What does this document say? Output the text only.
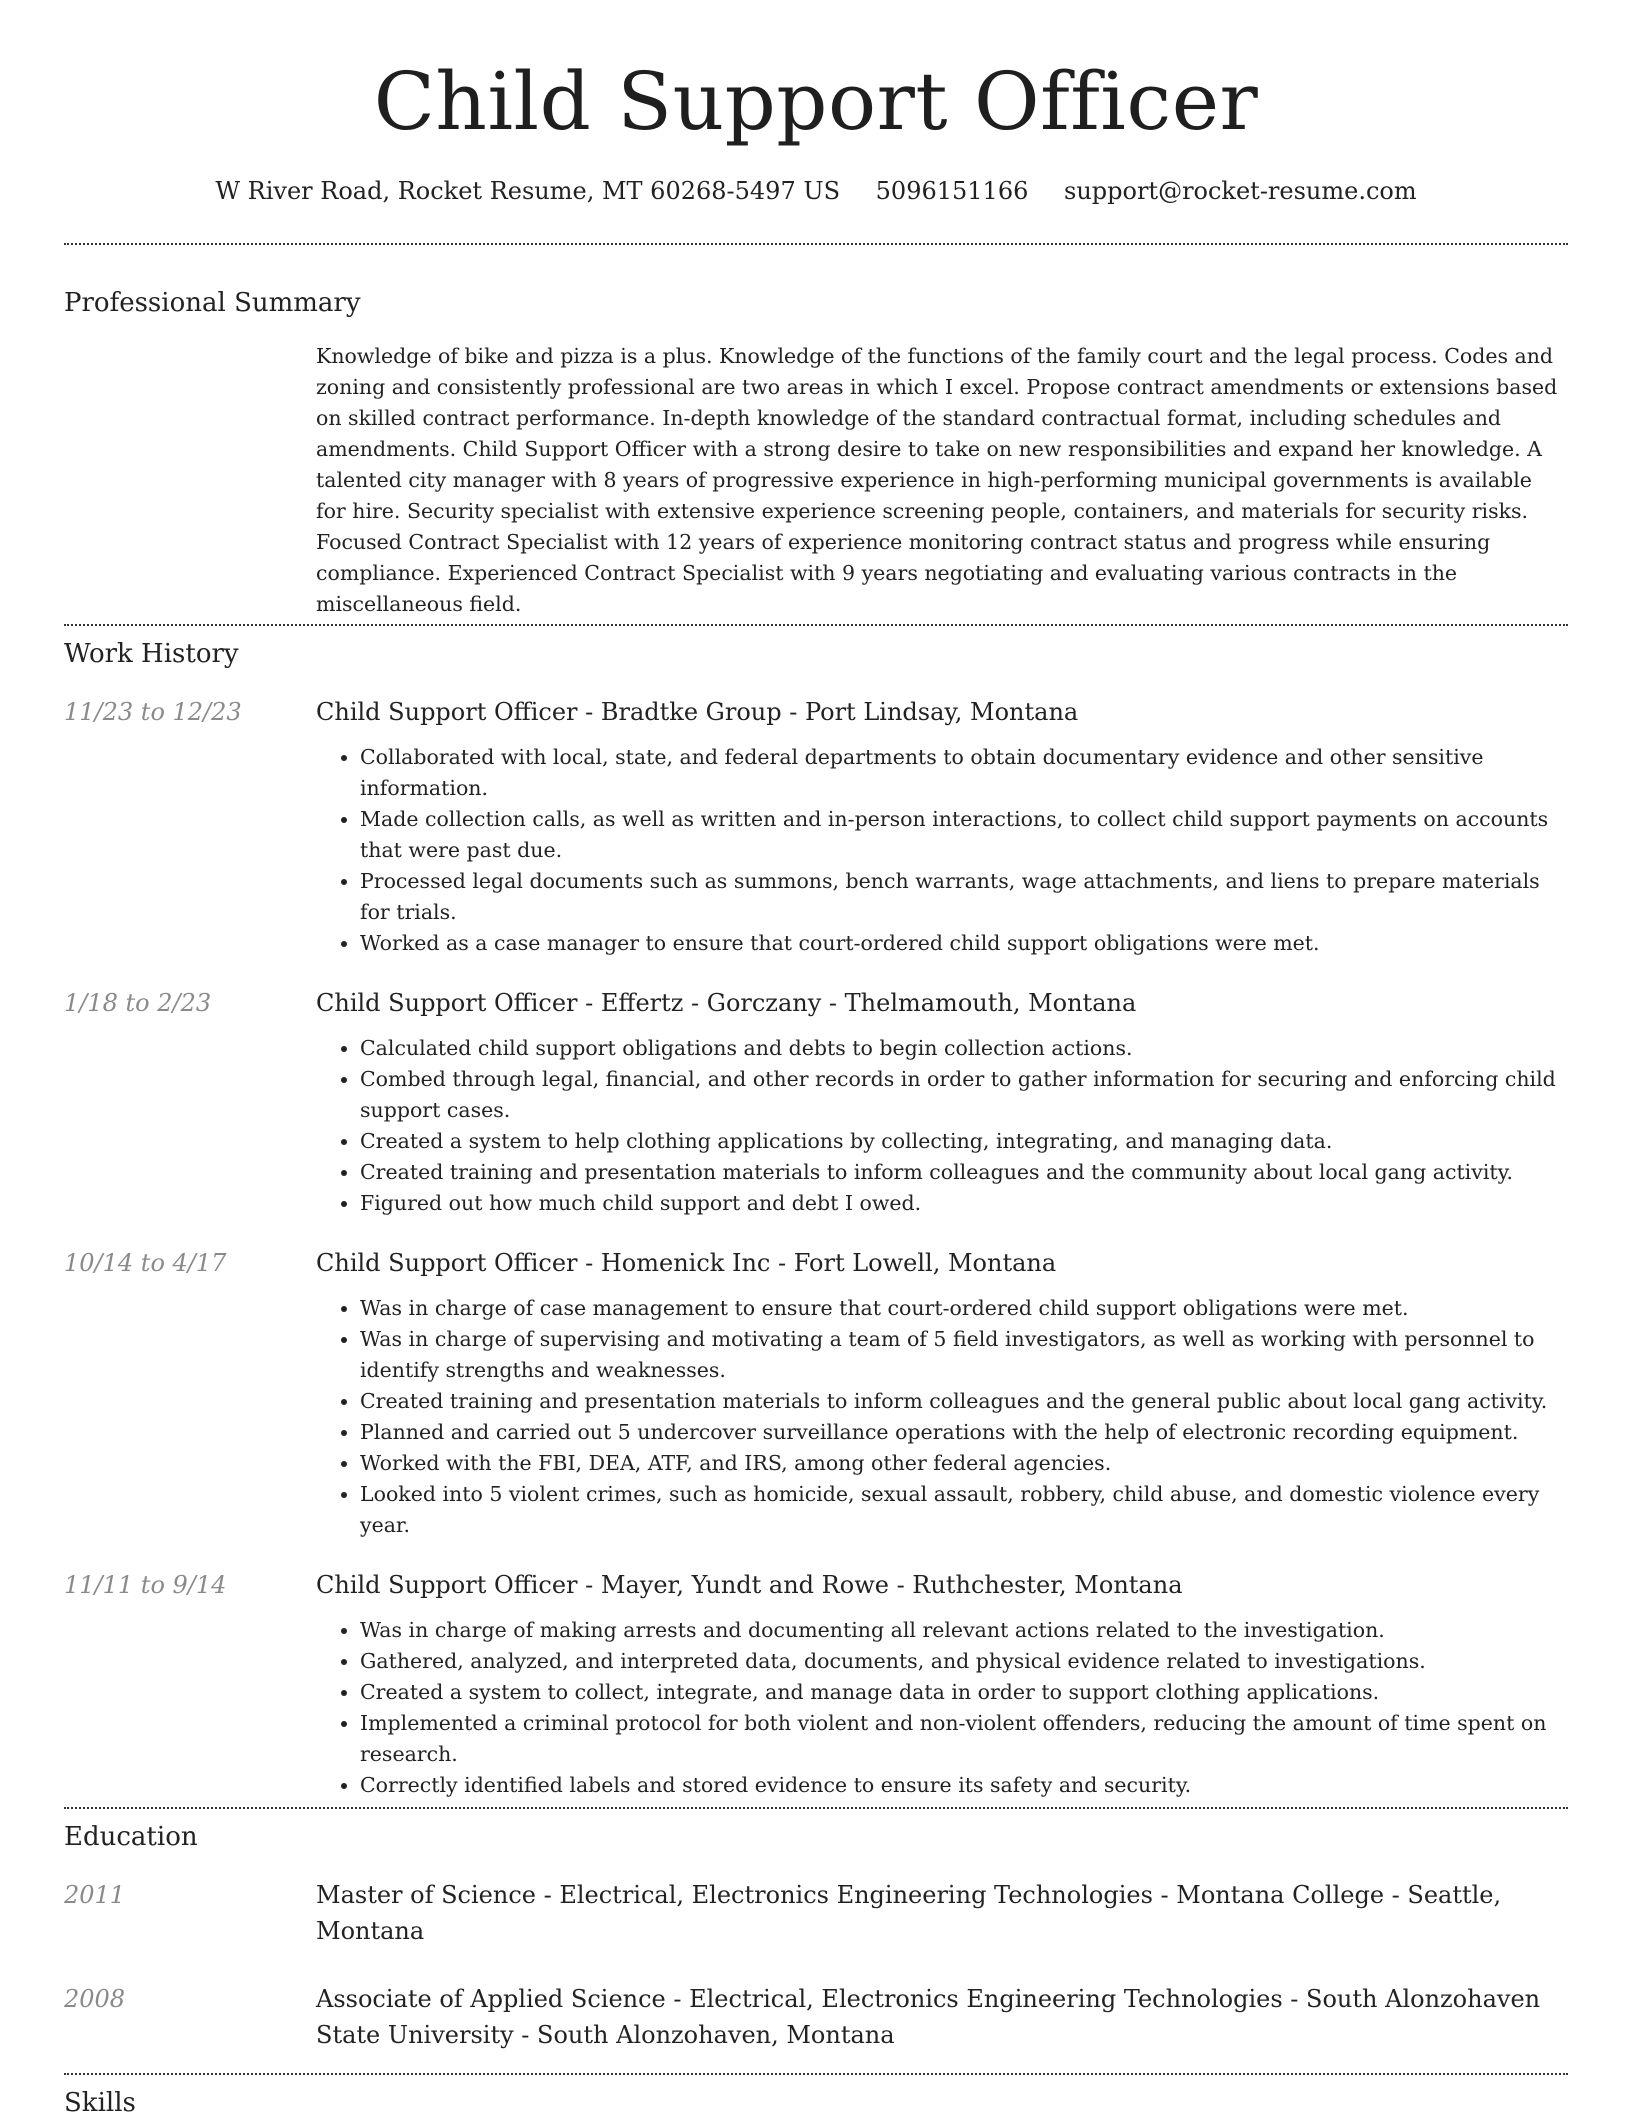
Child Support Officer
W River Road, Rocket Resume, MT 60268-5497 US 5096151166 support@rocket-resume.com
Professional Summary
Knowledge of bike and pizza is a plus. Knowledge of the functions of the family court and the legal process. Codes and zoning and consistently professional are two areas in which I excel. Propose contract amendments or extensions based on skilled contract performance. In-depth knowledge of the standard contractual format, including schedules and amendments. Child Support Officer with a strong desire to take on new responsibilities and expand her knowledge. A talented city manager with 8 years of progressive experience in high-performing municipal governments is available for hire. Security specialist with extensive experience screening people, containers, and materials for security risks. Focused Contract Specialist with 12 years of experience monitoring contract status and progress while ensuring compliance. Experienced Contract Specialist with 9 years negotiating and evaluating various contracts in the miscellaneous field.
Work History
11/23 to 12/23	Child Support Officer - Bradtke Group - Port Lindsay, Montana
• Collaborated with local, state, and federal departments to obtain documentary evidence and other sensitive information.
• Made collection calls, as well as written and in-person interactions, to collect child support payments on accounts that were past due.
• Processed legal documents such as summons, bench warrants, wage attachments, and liens to prepare materials for trials.
• Worked as a case manager to ensure that court-ordered child support obligations were met.
1/18 to 2/23	Child Support Officer - Effertz - Gorczany - Thelmamouth, Montana
• Calculated child support obligations and debts to begin collection actions.
• Combed through legal, financial, and other records in order to gather information for securing and enforcing child support cases.
• Created a system to help clothing applications by collecting, integrating, and managing data.
• Created training and presentation materials to inform colleagues and the community about local gang activity.
• Figured out how much child support and debt I owed.
10/14 to 4/17	Child Support Officer - Homenick Inc - Fort Lowell, Montana
• Was in charge of case management to ensure that court-ordered child support obligations were met.
• Was in charge of supervising and motivating a team of 5 field investigators, as well as working with personnel to identify strengths and weaknesses.
• Created training and presentation materials to inform colleagues and the general public about local gang activity.
• Planned and carried out 5 undercover surveillance operations with the help of electronic recording equipment.
• Worked with the FBI, DEA, ATF, and IRS, among other federal agencies.
• Looked into 5 violent crimes, such as homicide, sexual assault, robbery, child abuse, and domestic violence every year.
11/11 to 9/14	Child Support Officer - Mayer, Yundt and Rowe - Ruthchester, Montana
• Was in charge of making arrests and documenting all relevant actions related to the investigation.
• Gathered, analyzed, and interpreted data, documents, and physical evidence related to investigations.
• Created a system to collect, integrate, and manage data in order to support clothing applications.
• Implemented a criminal protocol for both violent and non-violent offenders, reducing the amount of time spent on research.
• Correctly identified labels and stored evidence to ensure its safety and security.
Education
2011	Master of Science - Electrical, Electronics Engineering Technologies - Montana College - Seattle, Montana
2008	Associate of Applied Science - Electrical, Electronics Engineering Technologies - South Alonzohaven State University - South Alonzohaven, Montana
Skills
